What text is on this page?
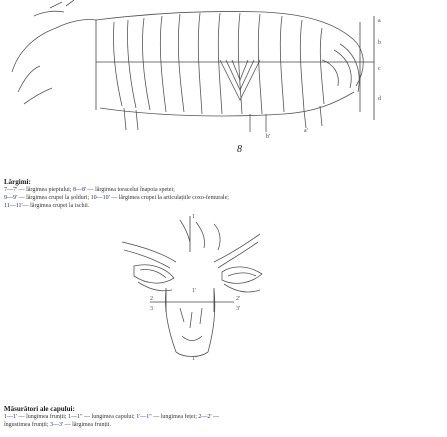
a
b
c
d
a'
b'
8
Lărgimi:
7—7' — lărgimea pieptului; 8—8' — lărgimea toracelui înapoia spetei;
9—9' — lărgimea crupei la șolduri; 10—10' — lărgimea crupei la articulațiile coxo-femurale;
11—11'— lărgimea crupei la ischii.
1
2
3
2'
3'
1'
1"
Măsurători ale capului:
1—1' — lungimea frunții; 1—1" — lungimea capului; 1'—1" — lungimea feței; 2—2' —
îngustimea frunții; 3—3' — lărgimea frunții.
